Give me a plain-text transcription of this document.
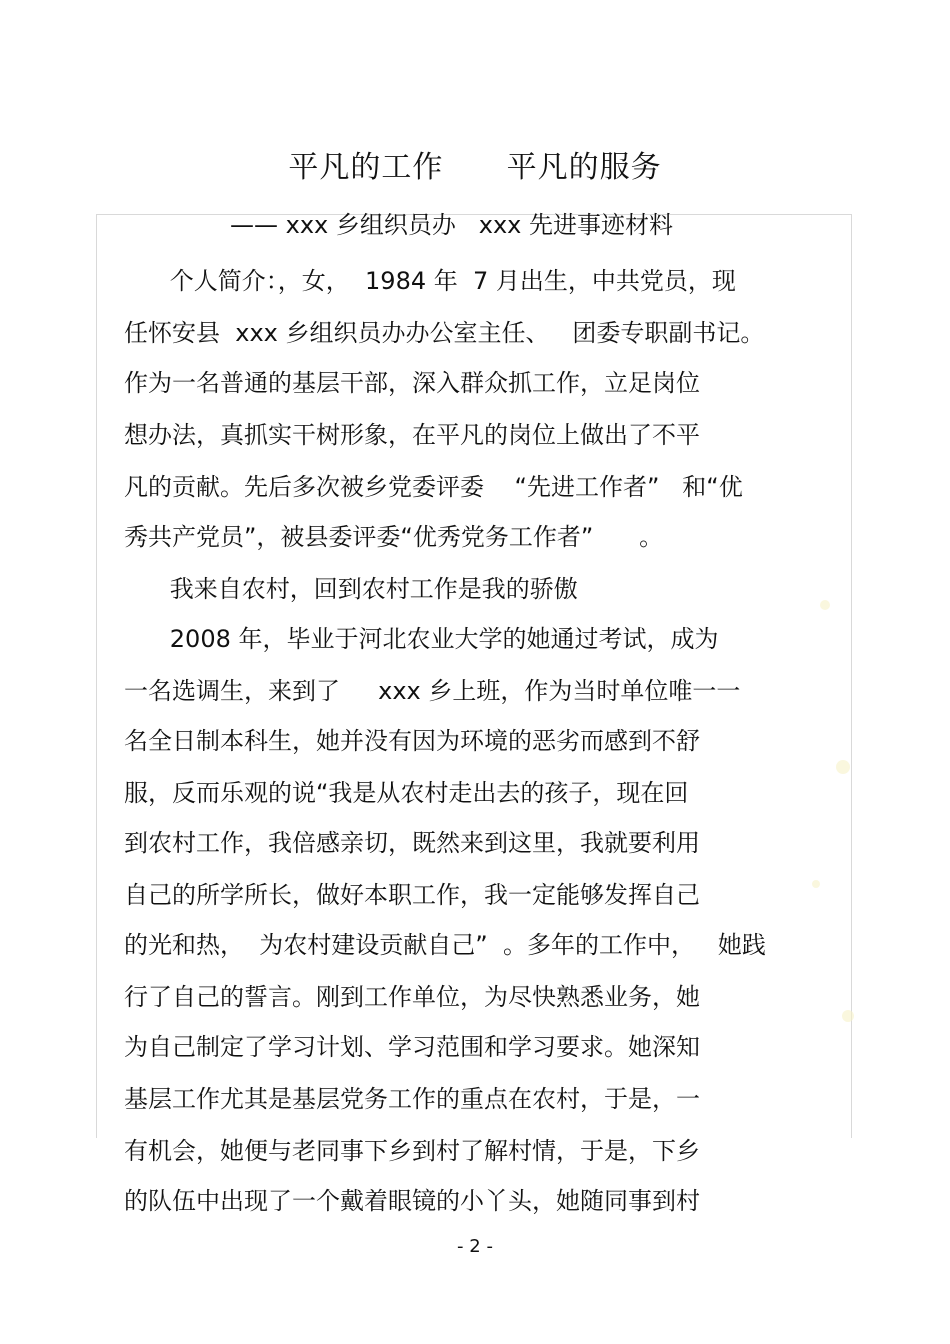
平凡的工作      平凡的服务
—— xxx 乡组织员办   xxx 先进事迹材料
个人简介：，女，  1984 年  7 月出生，中共党员，现
任怀安县  xxx 乡组织员办办公室主任、   团委专职副书记。
作为一名普通的基层干部，深入群众抓工作，立足岗位
想办法，真抓实干树形象，在平凡的岗位上做出了不平
凡的贡献。先后多次被乡党委评委    “先进工作者”   和“优
秀共产党员”，被县委评委“优秀党务工作者”      。
我来自农村，回到农村工作是我的骄傲
2008 年，毕业于河北农业大学的她通过考试，成为
一名选调生，来到了     xxx 乡上班，作为当时单位唯一一
名全日制本科生，她并没有因为环境的恶劣而感到不舒
服，反而乐观的说“我是从农村走出去的孩子，现在回
到农村工作，我倍感亲切，既然来到这里，我就要利用
自己的所学所长，做好本职工作，我一定能够发挥自己
的光和热，  为农村建设贡献自己”  。多年的工作中，   她践
行了自己的誓言。刚到工作单位，为尽快熟悉业务，她
为自己制定了学习计划、学习范围和学习要求。她深知
基层工作尤其是基层党务工作的重点在农村，于是，一
有机会，她便与老同事下乡到村了解村情，于是，下乡
的队伍中出现了一个戴着眼镜的小丫头，她随同事到村
- 2 -
